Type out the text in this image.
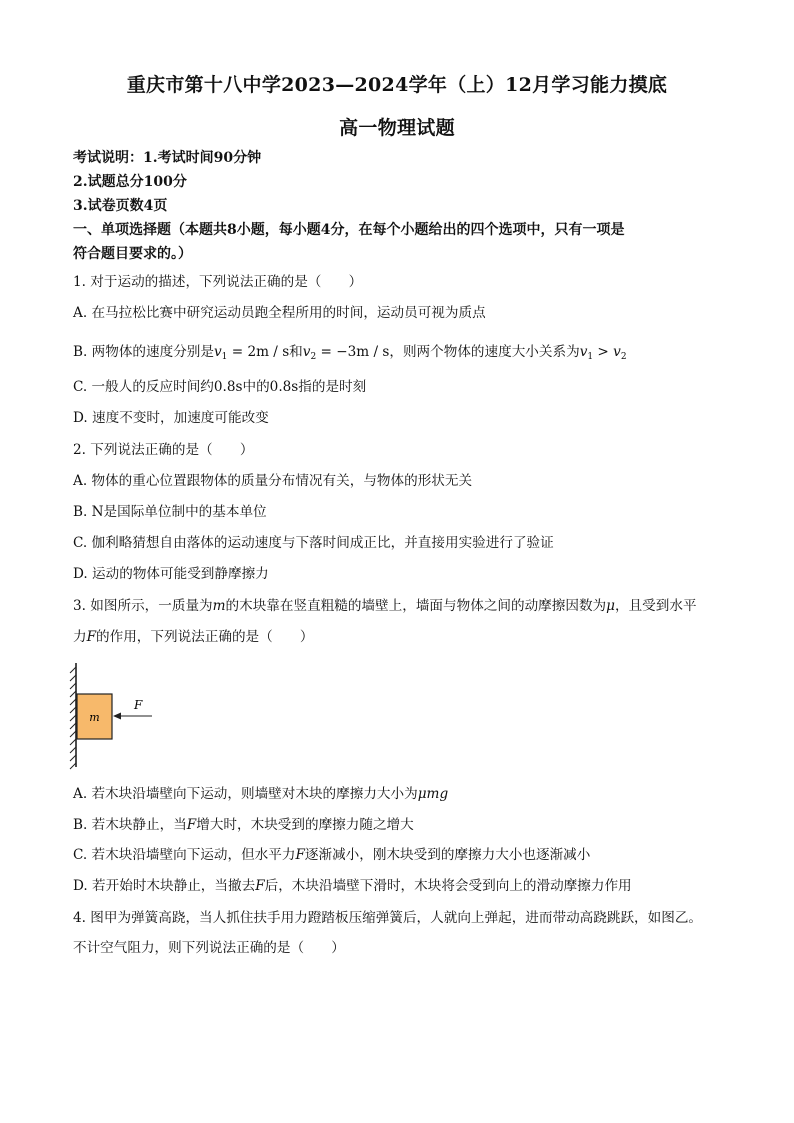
重庆市第十八中学2023—2024学年（上）12月学习能力摸底
高一物理试题
考试说明：1.考试时间90分钟
2.试题总分100分
3.试卷页数4页
一、单项选择题（本题共8小题，每小题4分，在每个小题给出的四个选项中，只有一项是
符合题目要求的。）
1. 对于运动的描述，下列说法正确的是（　　）
A. 在马拉松比赛中研究运动员跑全程所用的时间，运动员可视为质点
B. 两物体的速度分别是$v_1 = 2m / s$和$v_2 = -3m / s$，则两个物体的速度大小关系为$v_1 > v_2$
C. 一般人的反应时间约0.8s中的0.8s指的是时刻
D. 速度不变时，加速度可能改变
2. 下列说法正确的是（　　）
A. 物体的重心位置跟物体的质量分布情况有关，与物体的形状无关
B. N是国际单位制中的基本单位
C. 伽利略猜想自由落体的运动速度与下落时间成正比，并直接用实验进行了验证
D. 运动的物体可能受到静摩擦力
3. 如图所示，一质量为m的木块靠在竖直粗糙的墙壁上，墙面与物体之间的动摩擦因数为μ，且受到水平
力F的作用，下列说法正确的是（　　）
m
F
A. 若木块沿墙壁向下运动，则墙壁对木块的摩擦力大小为μmg
B. 若木块静止，当F增大时，木块受到的摩擦力随之增大
C. 若木块沿墙壁向下运动，但水平力F逐渐减小，刚木块受到的摩擦力大小也逐渐减小
D. 若开始时木块静止，当撤去F后，木块沿墙壁下滑时，木块将会受到向上的滑动摩擦力作用
4. 图甲为弹簧高跷，当人抓住扶手用力蹬踏板压缩弹簧后，人就向上弹起，进而带动高跷跳跃，如图乙。
不计空气阻力，则下列说法正确的是（　　）
